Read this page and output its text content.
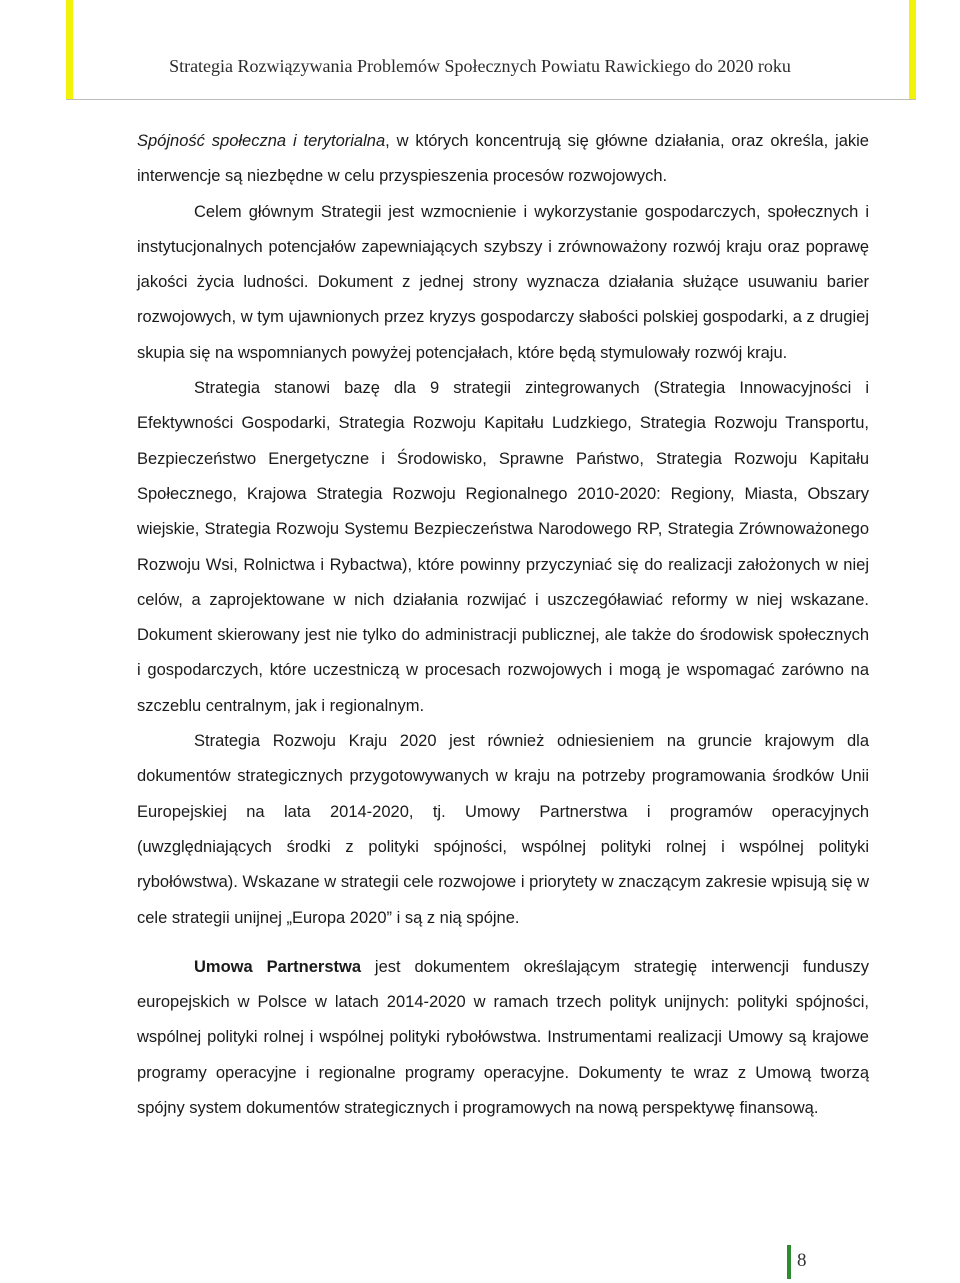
Strategia Rozwiązywania Problemów Społecznych Powiatu Rawickiego do 2020 roku

Spójność społeczna i terytorialna, w których koncentrują się główne działania, oraz określa, jakie interwencje są niezbędne w celu przyspieszenia procesów rozwojowych.

Celem głównym Strategii jest wzmocnienie i wykorzystanie gospodarczych, społecznych i instytucjonalnych potencjałów zapewniających szybszy i zrównoważony rozwój kraju oraz poprawę jakości życia ludności. Dokument z jednej strony wyznacza działania służące usuwaniu barier rozwojowych, w tym ujawnionych przez kryzys gospodarczy słabości polskiej gospodarki, a z drugiej skupia się na wspomnianych powyżej potencjałach, które będą stymulowały rozwój kraju.

Strategia stanowi bazę dla 9 strategii zintegrowanych (Strategia Innowacyjności i Efektywności Gospodarki, Strategia Rozwoju Kapitału Ludzkiego, Strategia Rozwoju Transportu, Bezpieczeństwo Energetyczne i Środowisko, Sprawne Państwo, Strategia Rozwoju Kapitału Społecznego, Krajowa Strategia Rozwoju Regionalnego 2010-2020: Regiony, Miasta, Obszary wiejskie, Strategia Rozwoju Systemu Bezpieczeństwa Narodowego RP, Strategia Zrównoważonego Rozwoju Wsi, Rolnictwa i Rybactwa), które powinny przyczyniać się do realizacji założonych w niej celów, a zaprojektowane w nich działania rozwijać i uszczegóławiać reformy w niej wskazane. Dokument skierowany jest nie tylko do administracji publicznej, ale także do środowisk społecznych i gospodarczych, które uczestniczą w procesach rozwojowych i mogą je wspomagać zarówno na szczeblu centralnym, jak i regionalnym.

Strategia Rozwoju Kraju 2020 jest również odniesieniem na gruncie krajowym dla dokumentów strategicznych przygotowywanych w kraju na potrzeby programowania środków Unii Europejskiej na lata 2014-2020, tj. Umowy Partnerstwa i programów operacyjnych (uwzględniających środki z polityki spójności, wspólnej polityki rolnej i wspólnej polityki rybołówstwa). Wskazane w strategii cele rozwojowe i priorytety w znaczącym zakresie wpisują się w cele strategii unijnej „Europa 2020” i są z nią spójne.

Umowa Partnerstwa jest dokumentem określającym strategię interwencji funduszy europejskich w Polsce w latach 2014-2020 w ramach trzech polityk unijnych: polityki spójności, wspólnej polityki rolnej i wspólnej polityki rybołówstwa. Instrumentami realizacji Umowy są krajowe programy operacyjne i regionalne programy operacyjne. Dokumenty te wraz z Umową tworzą spójny system dokumentów strategicznych i programowych na nową perspektywę finansową.

8
